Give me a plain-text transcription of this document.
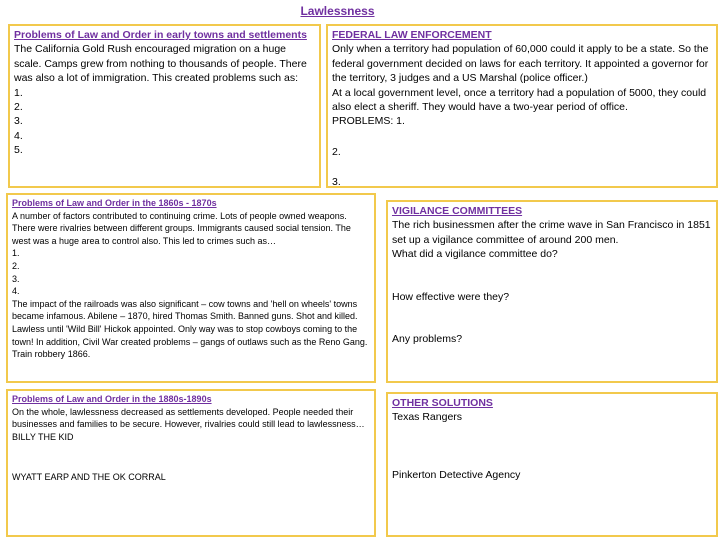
Lawlessness
Problems of Law and Order in early towns and settlements
The California Gold Rush encouraged migration on a huge scale. Camps grew from nothing to thousands of people. There was also a lot of immigration. This created problems such as:
1.
2.
3.
4.
5.
FEDERAL LAW ENFORCEMENT
Only when a territory had population of 60,000 could it apply to be a state. So the federal government decided on laws for each territory. It appointed a governor for the territory, 3 judges and a US Marshal (police officer.)
At a local government level, once a territory had a population of 5000, they could also elect a sheriff. They would have a two-year period of office.
PROBLEMS: 1.
2.
3.
Problems of Law and Order in the 1860s - 1870s
A number of factors contributed to continuing crime. Lots of people owned weapons. There were rivalries between different groups. Immigrants caused social tension. The west was a huge area to control also. This led to crimes such as…
1.
2.
3.
4.
The impact of the railroads was also significant – cow towns and 'hell on wheels' towns became infamous. Abilene – 1870, hired Thomas Smith. Banned guns. Shot and killed. Lawless until 'Wild Bill' Hickok appointed. Only way was to stop cowboys coming to the town! In addition, Civil War created problems – gangs of outlaws such as the Reno Gang. Train robbery 1866.
VIGILANCE COMMITTEES
The rich businessmen after the crime wave in San Francisco in 1851 set up a vigilance committee of around 200 men.
What did a vigilance committee do?
How effective were they?
Any problems?
Problems of Law and Order in the 1880s-1890s
On the whole, lawlessness decreased as settlements developed. People needed their businesses and families to be secure. However, rivalries could still lead to lawlessness…
BILLY THE KID
WYATT EARP AND THE OK CORRAL
OTHER SOLUTIONS
Texas Rangers
Pinkerton Detective Agency
